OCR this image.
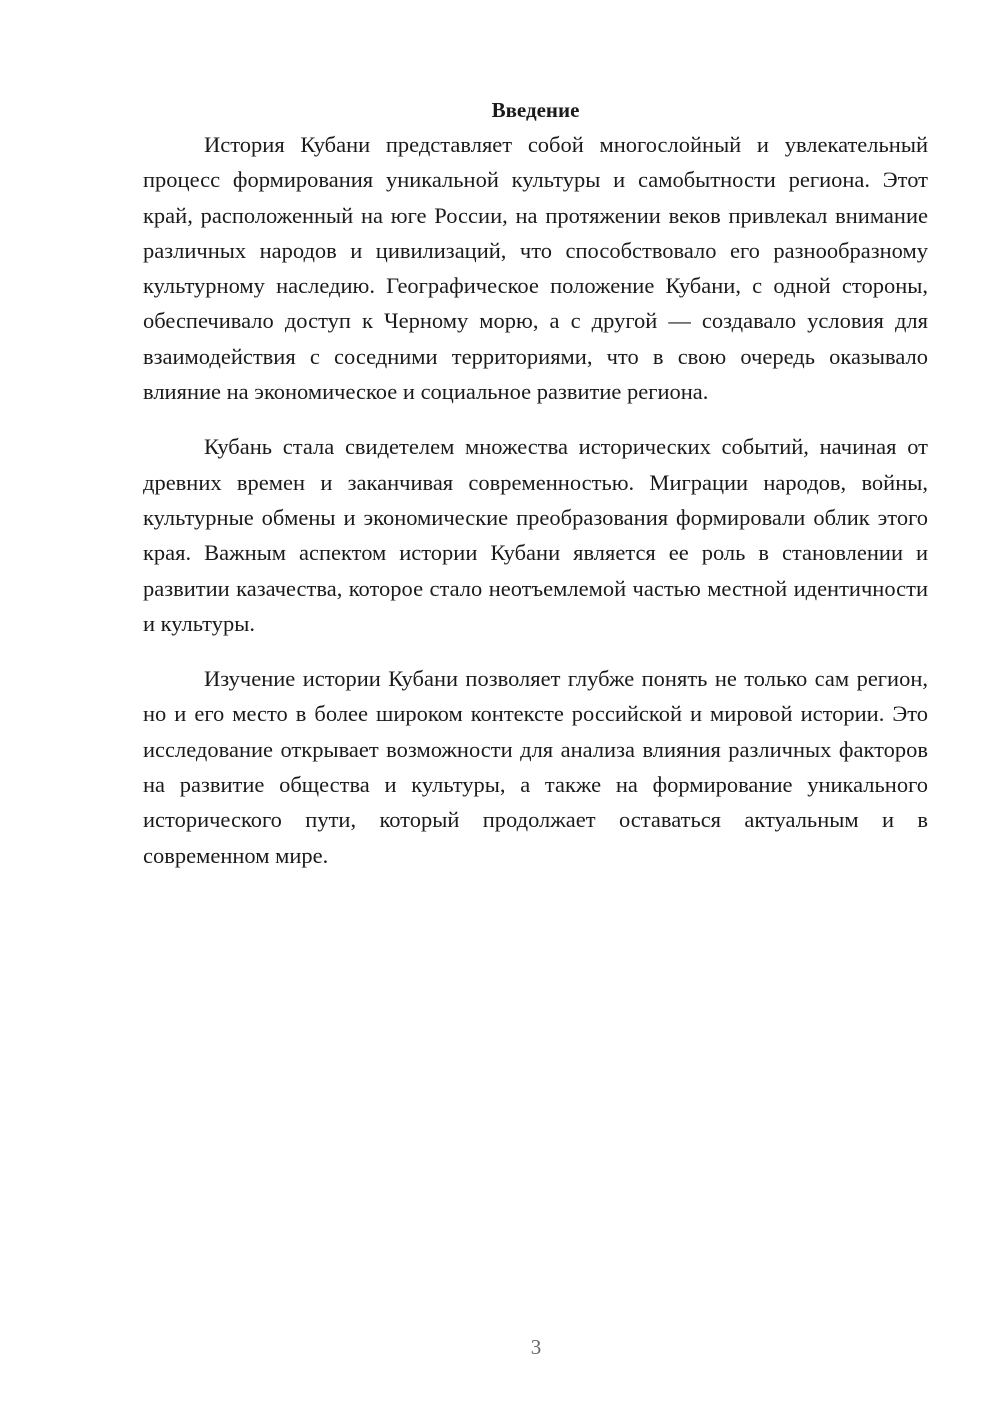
Введение

История Кубани представляет собой многослойный и увлекательный процесс формирования уникальной культуры и самобытности региона. Этот край, расположенный на юге России, на протяжении веков привлекал внимание различных народов и цивилизаций, что способствовало его разнообразному культурному наследию. Географическое положение Кубани, с одной стороны, обеспечивало доступ к Черному морю, а с другой — создавало условия для взаимодействия с соседними территориями, что в свою очередь оказывало влияние на экономическое и социальное развитие региона.

Кубань стала свидетелем множества исторических событий, начиная от древних времен и заканчивая современностью. Миграции народов, войны, культурные обмены и экономические преобразования формировали облик этого края. Важным аспектом истории Кубани является ее роль в становлении и развитии казачества, которое стало неотъемлемой частью местной идентичности и культуры.

Изучение истории Кубани позволяет глубже понять не только сам регион, но и его место в более широком контексте российской и мировой истории. Это исследование открывает возможности для анализа влияния различных факторов на развитие общества и культуры, а также на формирование уникального исторического пути, который продолжает оставаться актуальным и в современном мире.

3
